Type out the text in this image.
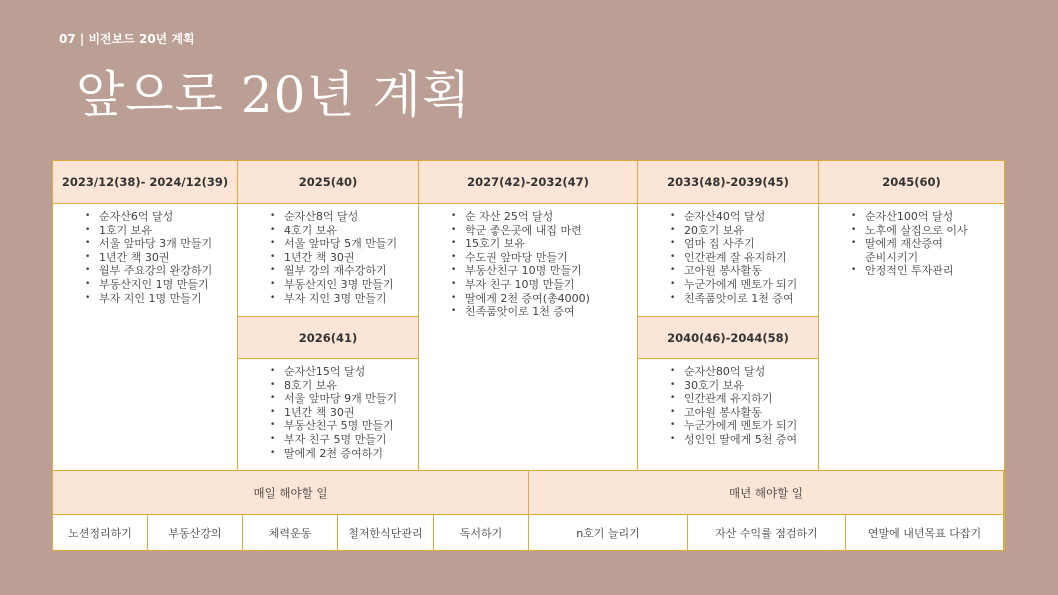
07 | 비전보드 20년 계획
앞으로 20년 계획
2023/12(38)- 2024/12(39)
• 순자산6억 달성
• 1호기 보유
• 서울 앞마당 3개 만들기
• 1년간 책 30권
• 월부 주요강의 완강하기
• 부동산지인 1명 만들기
• 부자 지인 1명 만들기
2025(40)
• 순자산8억 달성
• 4호기 보유
• 서울 앞마당 5개 만들기
• 1년간 책 30권
• 월부 강의 재수강하기
• 부동산지인 3명 만들기
• 부자 지인 3명 만들기
2026(41)
• 순자산15억 달성
• 8호기 보유
• 서울 앞마당 9개 만들기
• 1년간 책 30권
• 부동산친구 5명 만들기
• 부자 친구 5명 만들기
• 딸에게 2천 증여하기
2027(42)-2032(47)
• 순 자산 25억 달성
• 학군 좋은곳에 내집 마련
• 15호기 보유
• 수도권 앞마당 만들기
• 부동산친구 10명 만들기
• 부자 친구 10명 만들기
• 딸에게 2천 증여(총4000)
• 친족품앗이로 1천 증여
2033(48)-2039(45)
• 순자산40억 달성
• 20호기 보유
• 엄마 집 사주기
• 인간관계 잘 유지하기
• 고아원 봉사활동
• 누군가에게 멘토가 되기
• 친족품앗이로 1천 증여
2040(46)-2044(58)
• 순자산80억 달성
• 30호기 보유
• 인간관계 유지하기
• 고아원 봉사활동
• 누군가에게 멘토가 되기
• 성인인 딸에게 5천 증여
2045(60)
• 순자산100억 달성
• 노후에 살집으로 이사
• 딸에게 재산증여
준비시키기
• 안정적인 투자관리
매일 해야할 일	매년 해야할 일
노션정리하기	부동산강의	체력운동	철저한식단관리	독서하기	n호기 늘리기	자산 수익률 점검하기	연말에 내년목표 다잡기
